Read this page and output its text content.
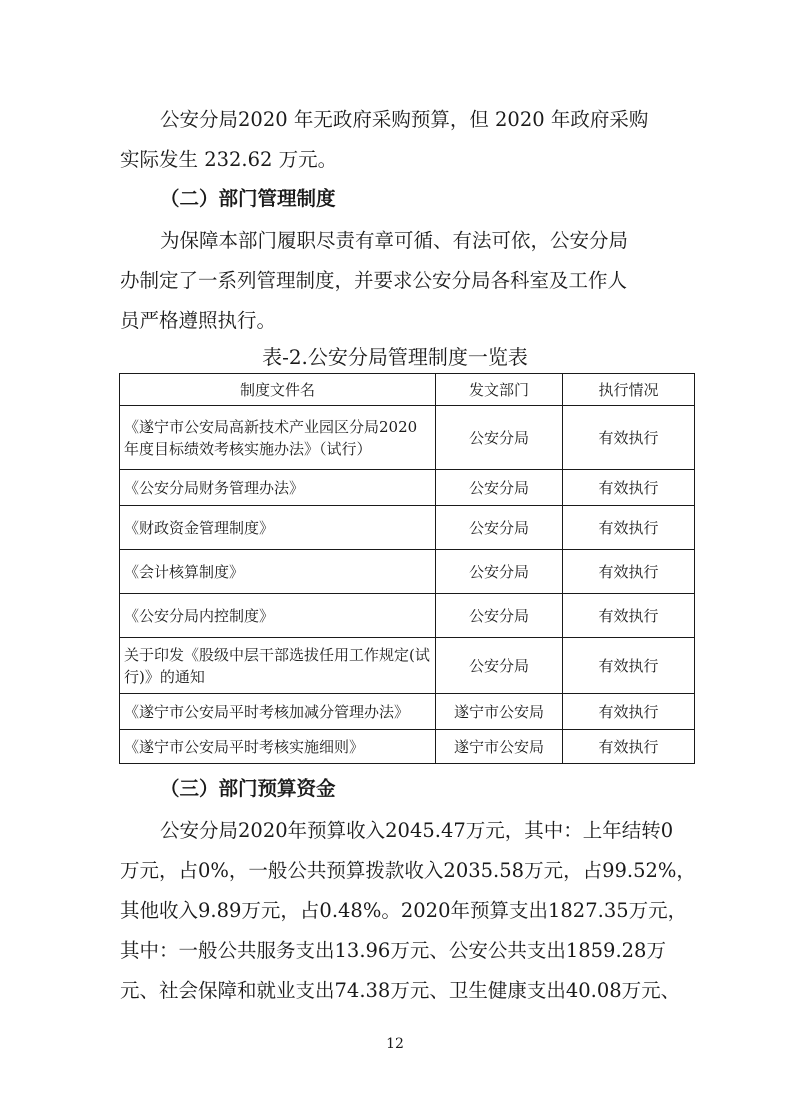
公安分局2020 年无政府采购预算，但 2020 年政府采购
实际发生 232.62 万元。
（二）部门管理制度
为保障本部门履职尽责有章可循、有法可依，公安分局
办制定了一系列管理制度，并要求公安分局各科室及工作人
员严格遵照执行。
表-2.公安分局管理制度一览表
制度文件名	发文部门	执行情况
《遂宁市公安局高新技术产业园区分局2020年度目标绩效考核实施办法》（试行）	公安分局	有效执行
《公安分局财务管理办法》	公安分局	有效执行
《财政资金管理制度》	公安分局	有效执行
《会计核算制度》	公安分局	有效执行
《公安分局内控制度》	公安分局	有效执行
关于印发《股级中层干部选拔任用工作规定(试行)》的通知	公安分局	有效执行
《遂宁市公安局平时考核加减分管理办法》	遂宁市公安局	有效执行
《遂宁市公安局平时考核实施细则》	遂宁市公安局	有效执行
（三）部门预算资金
公安分局2020年预算收入2045.47万元，其中：上年结转0
万元，占0%，一般公共预算拨款收入2035.58万元，占99.52%，
其他收入9.89万元，占0.48%。2020年预算支出1827.35万元，
其中：一般公共服务支出13.96万元、公安公共支出1859.28万
元、社会保障和就业支出74.38万元、卫生健康支出40.08万元、
12
